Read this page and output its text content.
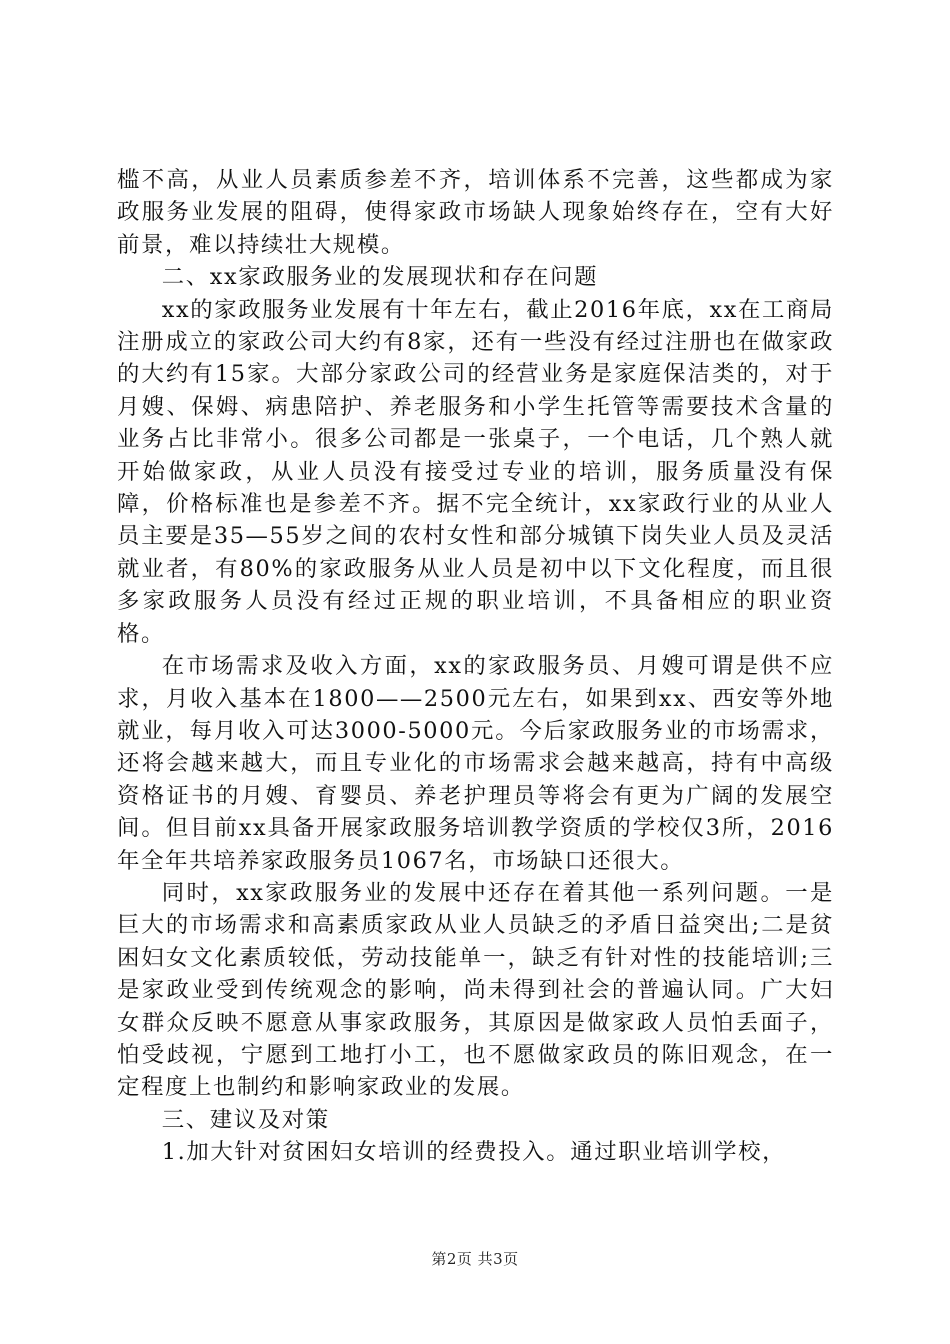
槛不高，从业人员素质参差不齐，培训体系不完善，这些都成为家政服务业发展的阻碍，使得家政市场缺人现象始终存在，空有大好前景，难以持续壮大规模。

二、xx家政服务业的发展现状和存在问题

xx的家政服务业发展有十年左右，截止2016年底，xx在工商局注册成立的家政公司大约有8家，还有一些没有经过注册也在做家政的大约有15家。大部分家政公司的经营业务是家庭保洁类的，对于月嫂、保姆、病患陪护、养老服务和小学生托管等需要技术含量的业务占比非常小。很多公司都是一张桌子，一个电话，几个熟人就开始做家政，从业人员没有接受过专业的培训，服务质量没有保障，价格标准也是参差不齐。据不完全统计，xx家政行业的从业人员主要是35—55岁之间的农村女性和部分城镇下岗失业人员及灵活就业者，有80%的家政服务从业人员是初中以下文化程度，而且很多家政服务人员没有经过正规的职业培训，不具备相应的职业资格。

在市场需求及收入方面，xx的家政服务员、月嫂可谓是供不应求，月收入基本在1800——2500元左右，如果到xx、西安等外地就业，每月收入可达3000-5000元。今后家政服务业的市场需求，还将会越来越大，而且专业化的市场需求会越来越高，持有中高级资格证书的月嫂、育婴员、养老护理员等将会有更为广阔的发展空间。但目前xx具备开展家政服务培训教学资质的学校仅3所，2016年全年共培养家政服务员1067名，市场缺口还很大。

同时，xx家政服务业的发展中还存在着其他一系列问题。一是巨大的市场需求和高素质家政从业人员缺乏的矛盾日益突出;二是贫困妇女文化素质较低，劳动技能单一，缺乏有针对性的技能培训;三是家政业受到传统观念的影响，尚未得到社会的普遍认同。广大妇女群众反映不愿意从事家政服务，其原因是做家政人员怕丢面子，怕受歧视，宁愿到工地打小工，也不愿做家政员的陈旧观念，在一定程度上也制约和影响家政业的发展。

三、建议及对策

1.加大针对贫困妇女培训的经费投入。通过职业培训学校，

第2页 共3页
